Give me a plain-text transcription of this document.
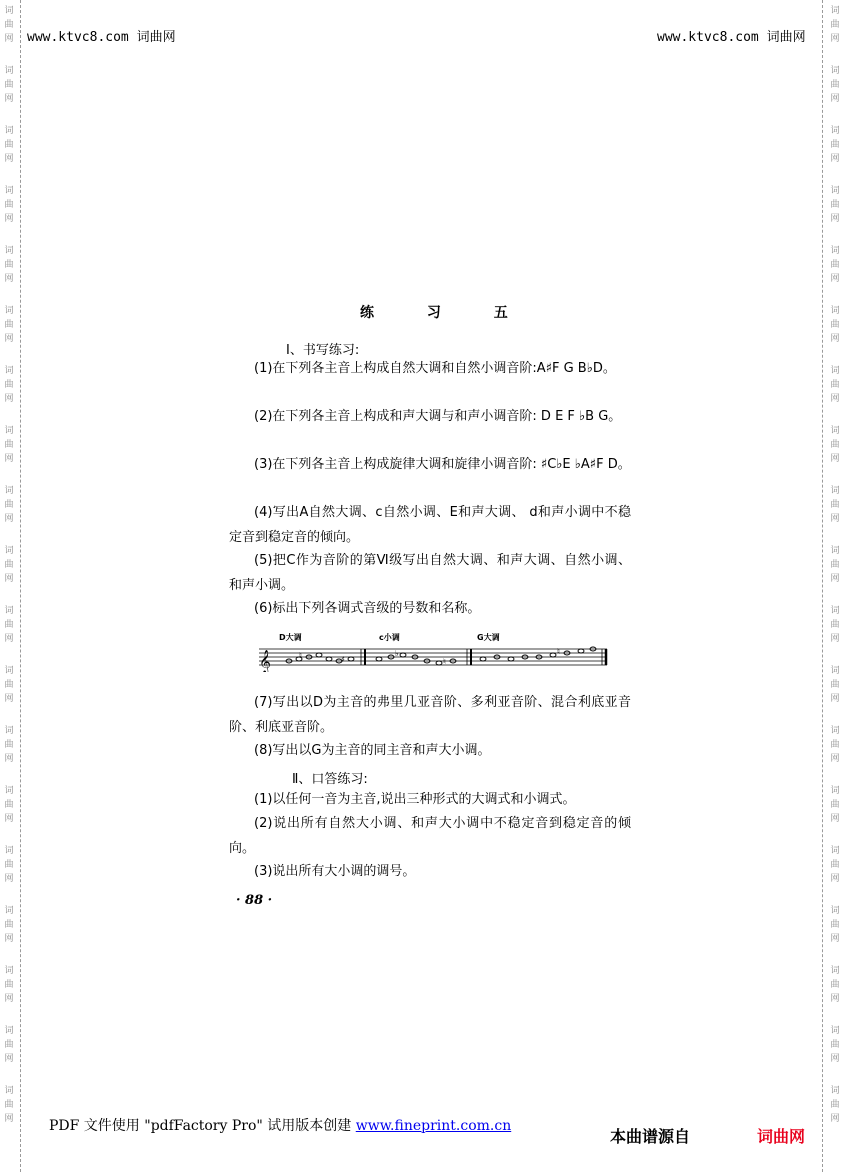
词
曲
网
词
曲
网
词
曲
网
词
曲
网
词
曲
网
词
曲
网
词
曲
网
词
曲
网
词
曲
网
词
曲
网
词
曲
网
词
曲
网
词
曲
网
词
曲
网
词
曲
网
词
曲
网
词
曲
网
词
曲
网
词
曲
网
词
曲
网
词
曲
网
词
曲
网
词
曲
网
词
曲
网
词
曲
网
词
曲
网
词
曲
网
词
曲
网
词
曲
网
词
曲
网
词
曲
网
词
曲
网
词
曲
网
词
曲
网
词
曲
网
词
曲
网
词
曲
网
词
曲
网
www.ktvc8.com 词曲网	www.ktvc8.com 词曲网
练 习 五
Ⅰ、书写练习:
(1)在下列各主音上构成自然大调和自然小调音阶:A♯F G B♭D。
(2)在下列各主音上构成和声大调与和声小调音阶: D E F ♭B G。
(3)在下列各主音上构成旋律大调和旋律小调音阶: ♯C♭E ♭A♯F D。
(4)写出A自然大调、c自然小调、E和声大调、 d和声小调中不稳定音到稳定音的倾向。
(5)把C作为音阶的第Ⅵ级写出自然大调、和声大调、自然小调、和声小调。
(6)标出下列各调式音级的号数和名称。
D大调	c小调	G大调
𝄞	♮	♯
♭
♮
♮
(7)写出以D为主音的弗里几亚音阶、多利亚音阶、混合利底亚音阶、利底亚音阶。
(8)写出以G为主音的同主音和声大小调。
Ⅱ、口答练习:
(1)以任何一音为主音,说出三种形式的大调式和小调式。
(2)说出所有自然大小调、和声大小调中不稳定音到稳定音的倾向。
(3)说出所有大小调的调号。
· 88 ·
PDF 文件使用 "pdfFactory Pro" 试用版本创建 www.fineprint.com.cn
本曲谱源自	词曲网
